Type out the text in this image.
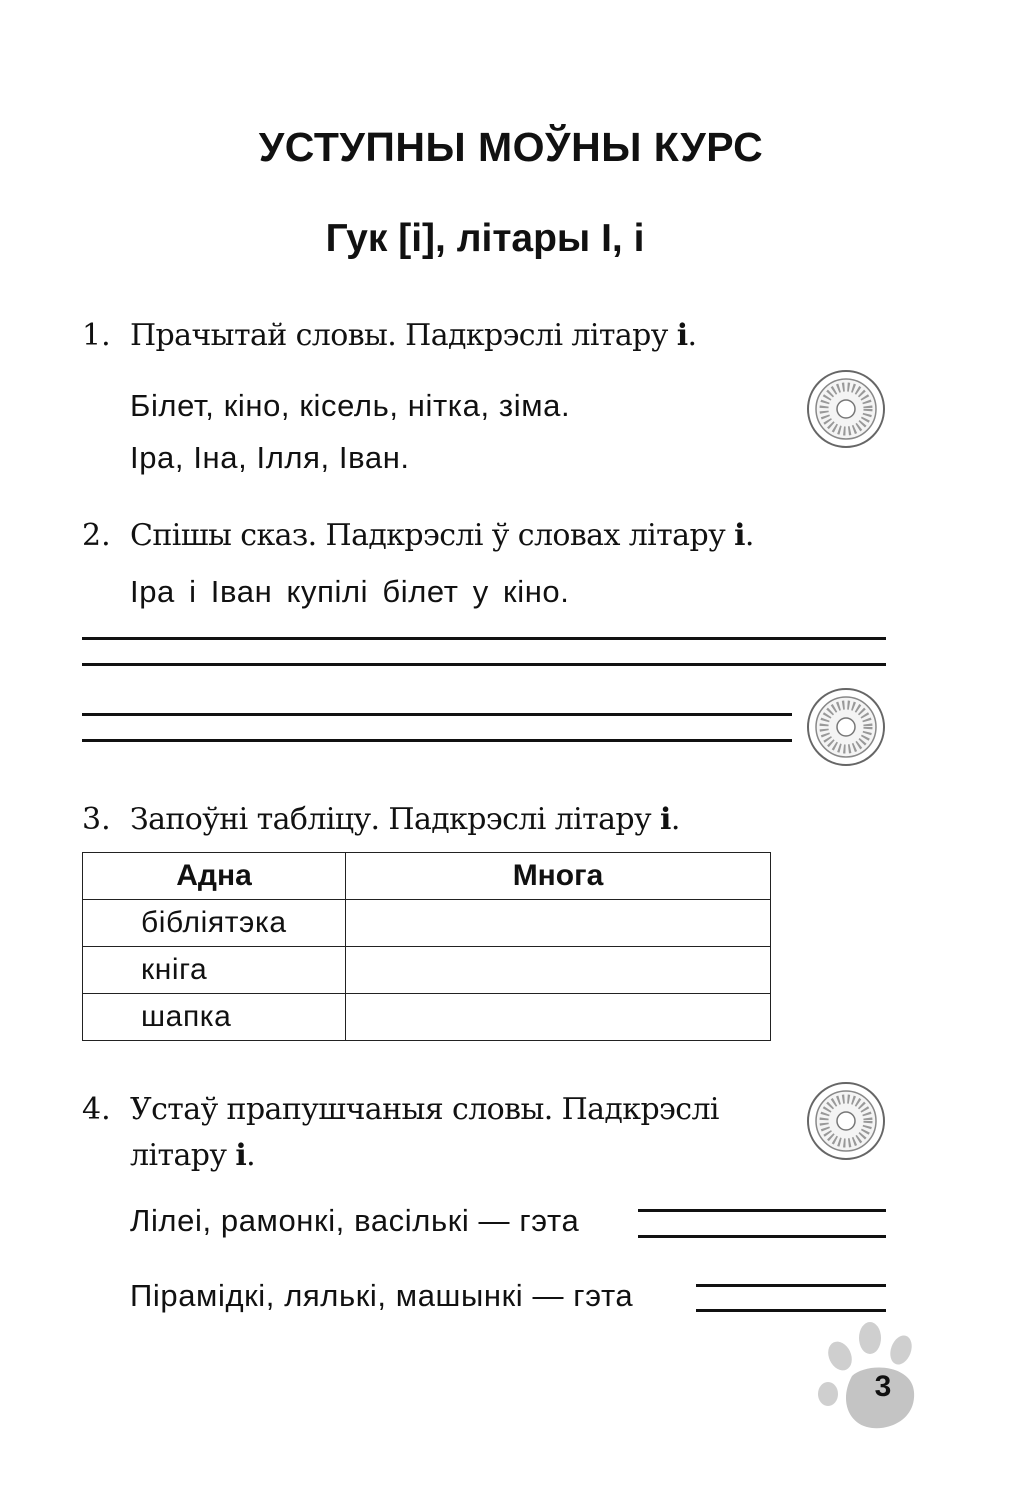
УСТУПНЫ МОЎНЫ КУРС
Гук [і], літары І, і
1. Прачытай словы. Падкрэслі літару і.
Білет, кіно, кісель, нітка, зіма.
Іра, Іна, Ілля, Іван.
2. Спішы сказ. Падкрэслі ў словах літару і.
Іра і Іван купілі білет у кіно.
3. Запоўні табліцу. Падкрэслі літару і.
Адна	Многа
бібліятэка	
кніга	
шапка	
4. Устаў прапушчаныя словы. Падкрэслі
літару і.
Лілеі, рамонкі, васількі — гэта
Пірамідкі, лялькі, машынкі — гэта
3
